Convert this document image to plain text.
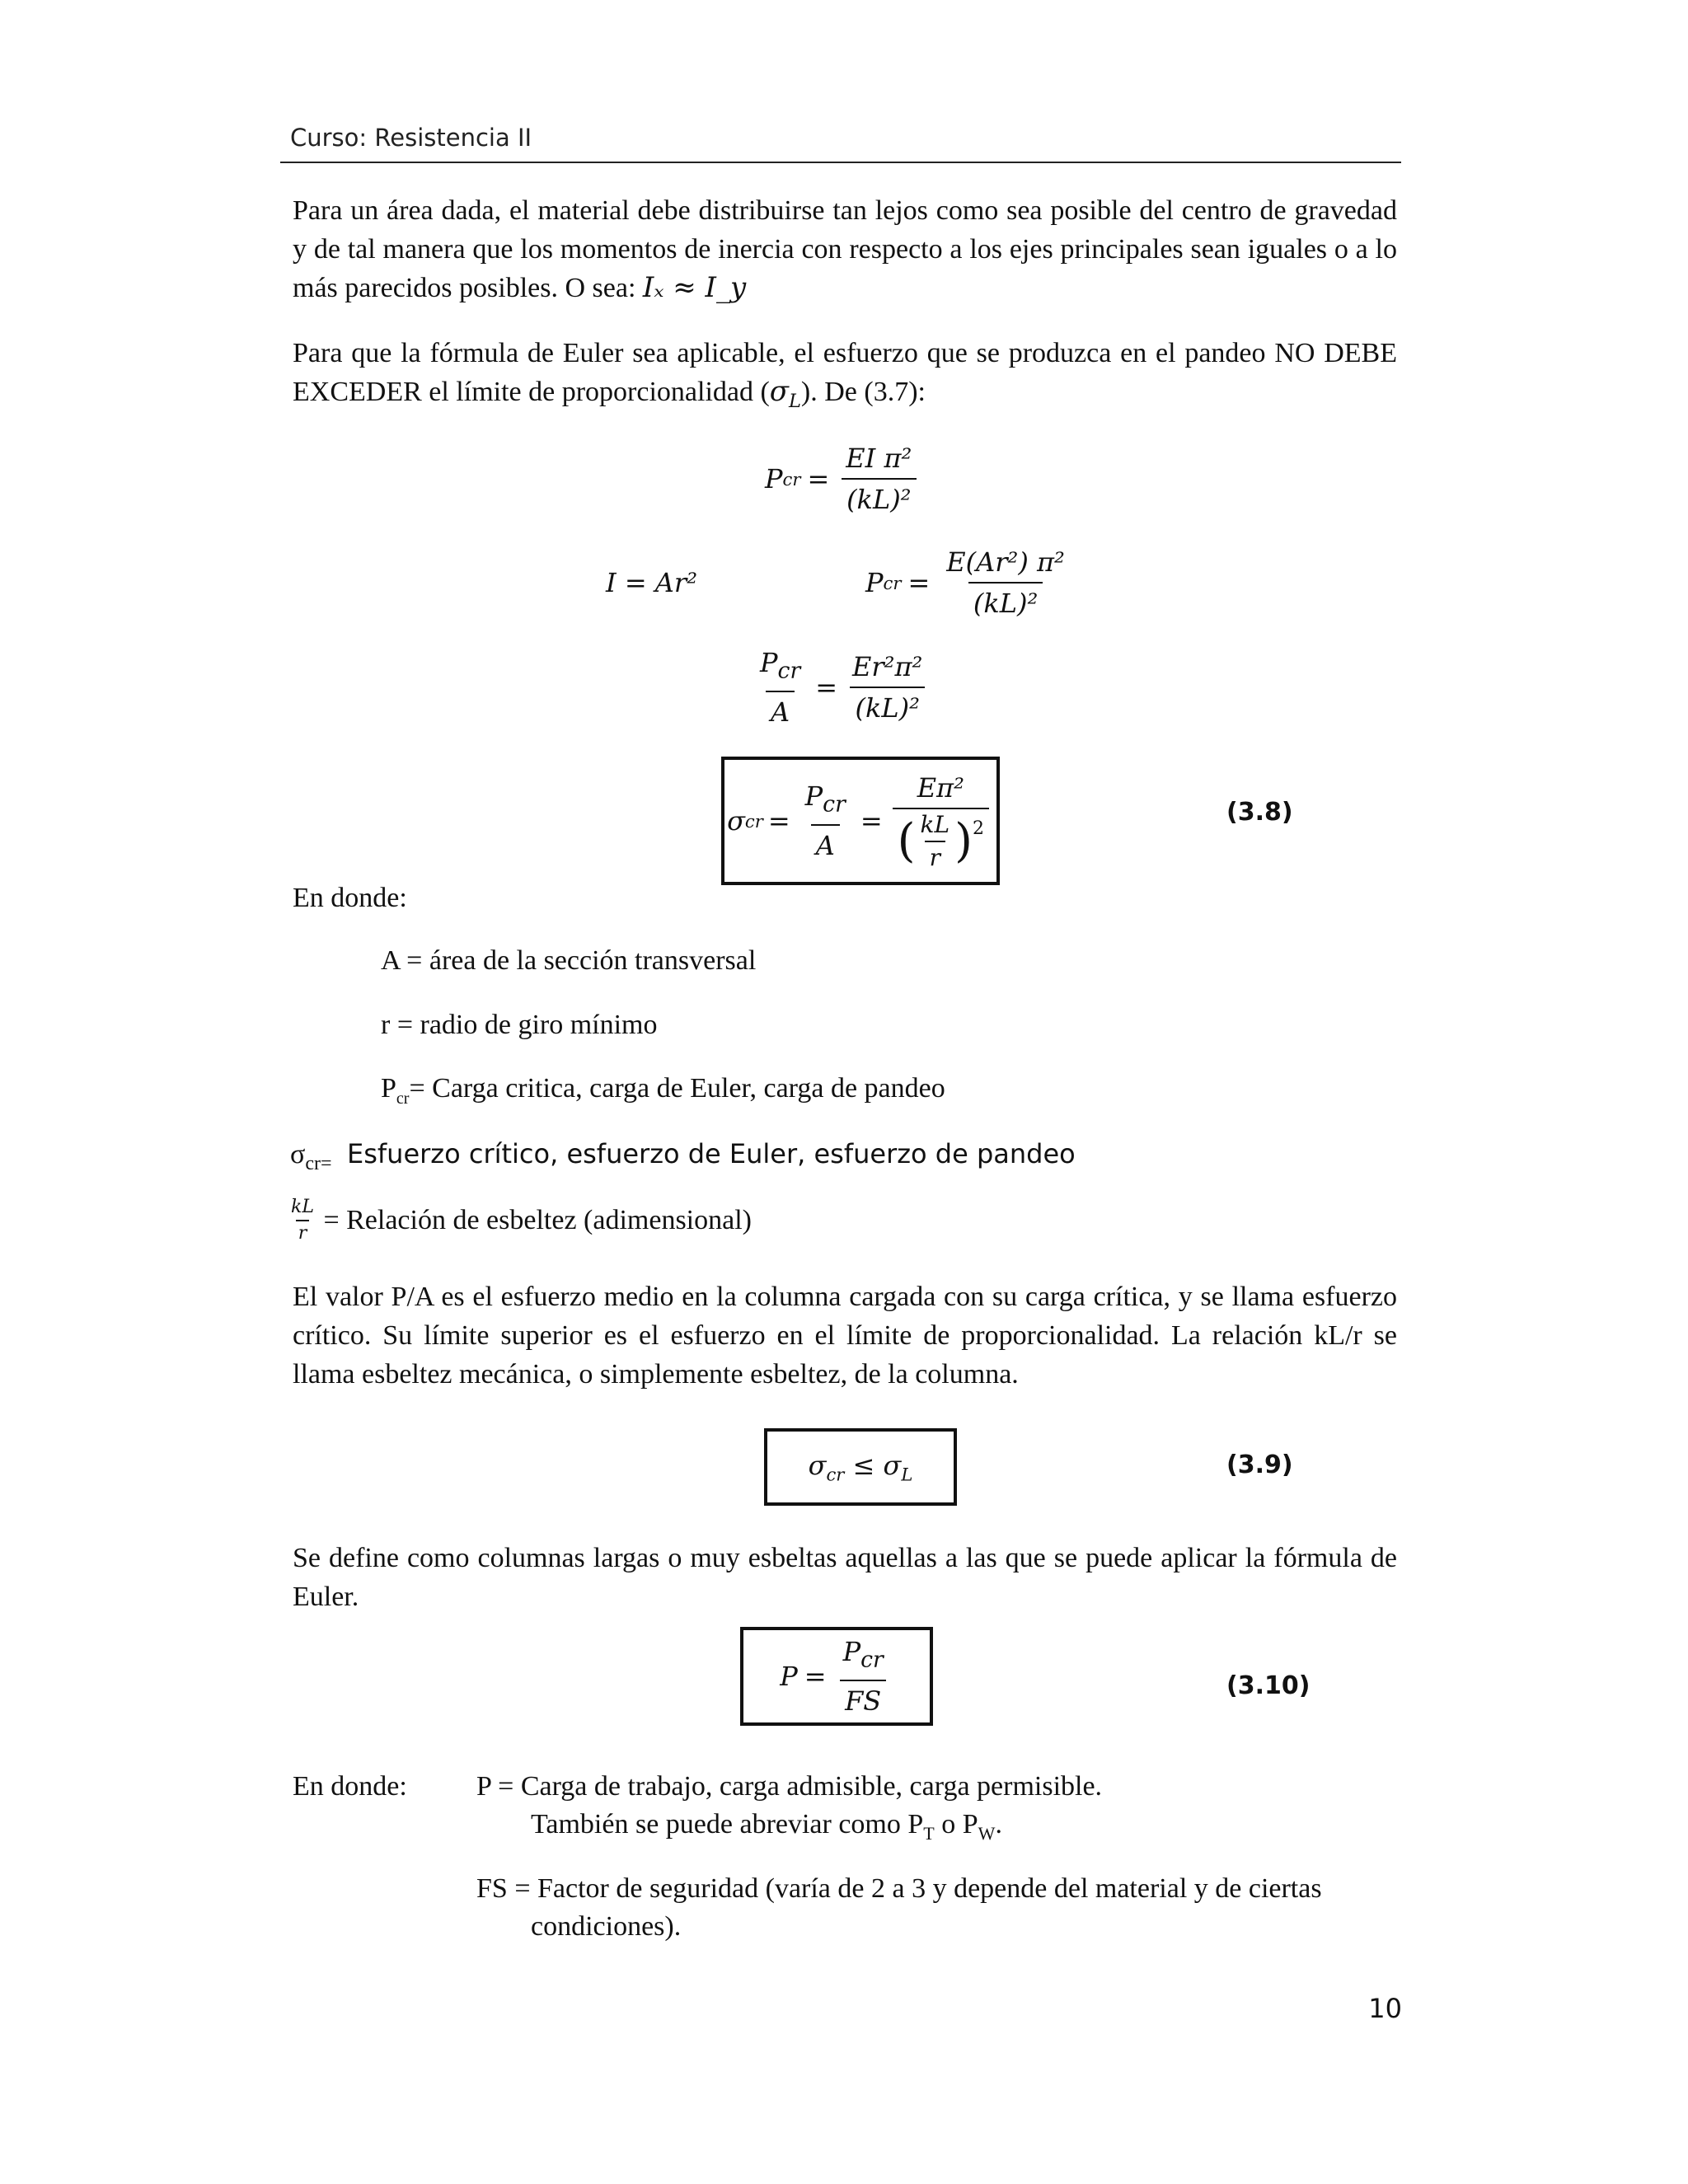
Curso: Resistencia II
Para un área dada, el material debe distribuirse tan lejos como sea posible del centro de gravedad y de tal manera que los momentos de inercia con respecto a los ejes principales sean iguales o a lo más parecidos posibles. O sea: Iₓ ≈ I_y
Para que la fórmula de Euler sea aplicable, el esfuerzo que se produzca en el pandeo NO DEBE EXCEDER el límite de proporcionalidad $(\sigma_L)$. De (3.7):
P cr = $\frac{\text{EI π²}}{\text{(kL)²}}$
I = Ar²	P cr = $\frac{\text{E(Ar²) π²}}{\text{(kL)²}}$
$\frac{P_{cr}}{A} = \frac{\text{Er²π²}}{\text{(kL)²}}$
σ cr = $\frac{P_{cr}}{A}$ =
Eπ²
( $\frac{kL}{r} )^2$
(3.8)
En donde:
A = área de la sección transversal
r = radio de giro mínimo
$P_{cr}=$ Carga critica, carga de Euler, carga de pandeo
$\sigma_{cr=}$ Esfuerzo crítico, esfuerzo de Euler, esfuerzo de pandeo
$\frac{kL}{r}$ = Relación de esbeltez (adimensional)
El valor P/A es el esfuerzo medio en la columna cargada con su carga crítica, y se llama esfuerzo crítico. Su límite superior es el esfuerzo en el límite de proporcionalidad. La relación kL/r se llama esbeltez mecánica, o simplemente esbeltez, de la columna.
$\sigma_{cr} \le \sigma_L$	(3.9)
Se define como columnas largas o muy esbeltas aquellas a las que se puede aplicar la fórmula de Euler.
$P = \frac{P_{cr}}{FS}$	(3.10)
En donde: P = Carga de trabajo, carga admisible, carga permisible.
También se puede abreviar como $P_T$ o $P_W$.
FS = Factor de seguridad (varía de 2 a 3 y depende del material y de ciertas
condiciones).
10
